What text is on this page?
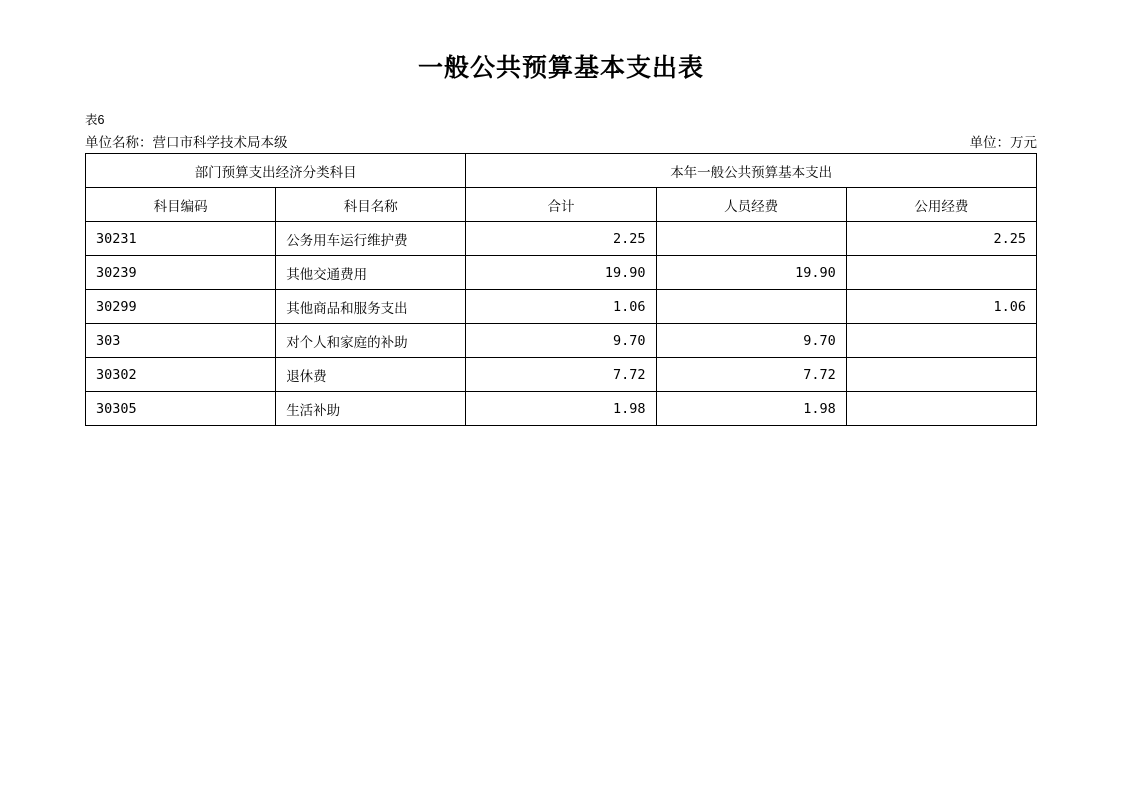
一般公共预算基本支出表
表6
单位名称：营口市科学技术局本级	单位：万元
部门预算支出经济分类科目		本年一般公共预算基本支出		
科目编码	科目名称	合计	人员经费	公用经费
30231	公务用车运行维护费	2.25		2.25
30239	其他交通费用	19.90	19.90	
30299	其他商品和服务支出	1.06		1.06
303	对个人和家庭的补助	9.70	9.70	
30302	退休费	7.72	7.72	
30305	生活补助	1.98	1.98	
